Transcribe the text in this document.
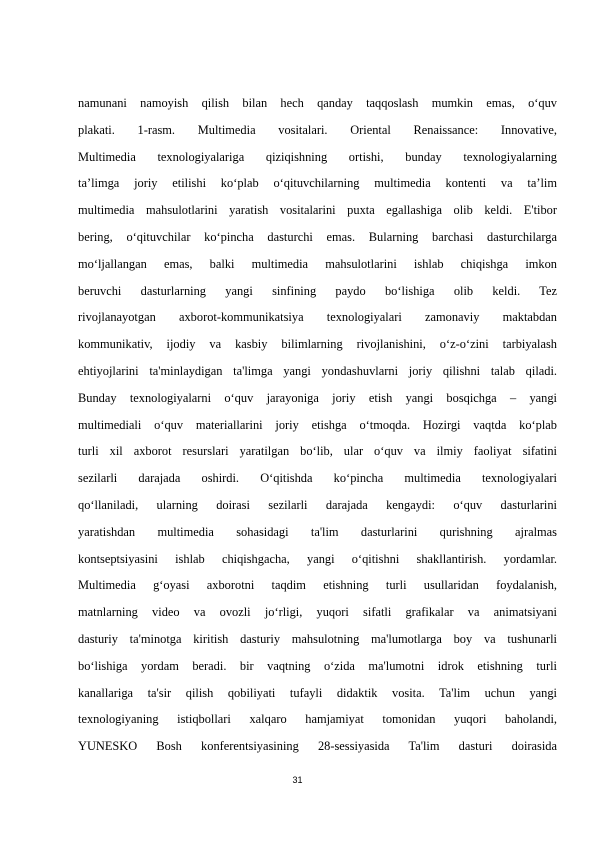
namunani namoyish qilish bilan hech qanday taqqoslash mumkin emas, o‘quv
plakati. 1-rasm. Multimedia vositalari. Oriental Renaissance: Innovative,
Multimedia texnologiyalariga qiziqishning ortishi, bunday texnologiyalarning
ta’limga joriy etilishi ko‘plab o‘qituvchilarning multimedia kontenti va ta’lim
multimedia mahsulotlarini yaratish vositalarini puxta egallashiga olib keldi. E'tibor
bering, o‘qituvchilar ko‘pincha dasturchi emas. Bularning barchasi dasturchilarga
mo‘ljallangan emas, balki multimedia mahsulotlarini ishlab chiqishga imkon
beruvchi dasturlarning yangi sinfining paydo bo‘lishiga olib keldi. Tez
rivojlanayotgan axborot-kommunikatsiya texnologiyalari zamonaviy maktabdan
kommunikativ, ijodiy va kasbiy bilimlarning rivojlanishini, o‘z-o‘zini tarbiyalash
ehtiyojlarini ta'minlaydigan ta'limga yangi yondashuvlarni joriy qilishni talab qiladi.
Bunday texnologiyalarni o‘quv jarayoniga joriy etish yangi bosqichga – yangi
multimediali o‘quv materiallarini joriy etishga o‘tmoqda. Hozirgi vaqtda ko‘plab
turli xil axborot resurslari yaratilgan bo‘lib, ular o‘quv va ilmiy faoliyat sifatini
sezilarli darajada oshirdi. O‘qitishda ko‘pincha multimedia texnologiyalari
qo‘llaniladi, ularning doirasi sezilarli darajada kengaydi: o‘quv dasturlarini
yaratishdan multimedia sohasidagi ta'lim dasturlarini qurishning ajralmas
kontseptsiyasini ishlab chiqishgacha, yangi o‘qitishni shakllantirish. yordamlar.
Multimedia g‘oyasi axborotni taqdim etishning turli usullaridan foydalanish,
matnlarning video va ovozli jo‘rligi, yuqori sifatli grafikalar va animatsiyani
dasturiy ta'minotga kiritish dasturiy mahsulotning ma'lumotlarga boy va tushunarli
bo‘lishiga yordam beradi. bir vaqtning o‘zida ma'lumotni idrok etishning turli
kanallariga ta'sir qilish qobiliyati tufayli didaktik vosita. Ta'lim uchun yangi
texnologiyaning istiqbollari xalqaro hamjamiyat tomonidan yuqori baholandi,
YUNESKO Bosh konferentsiyasining 28-sessiyasida Ta'lim dasturi doirasida
31
